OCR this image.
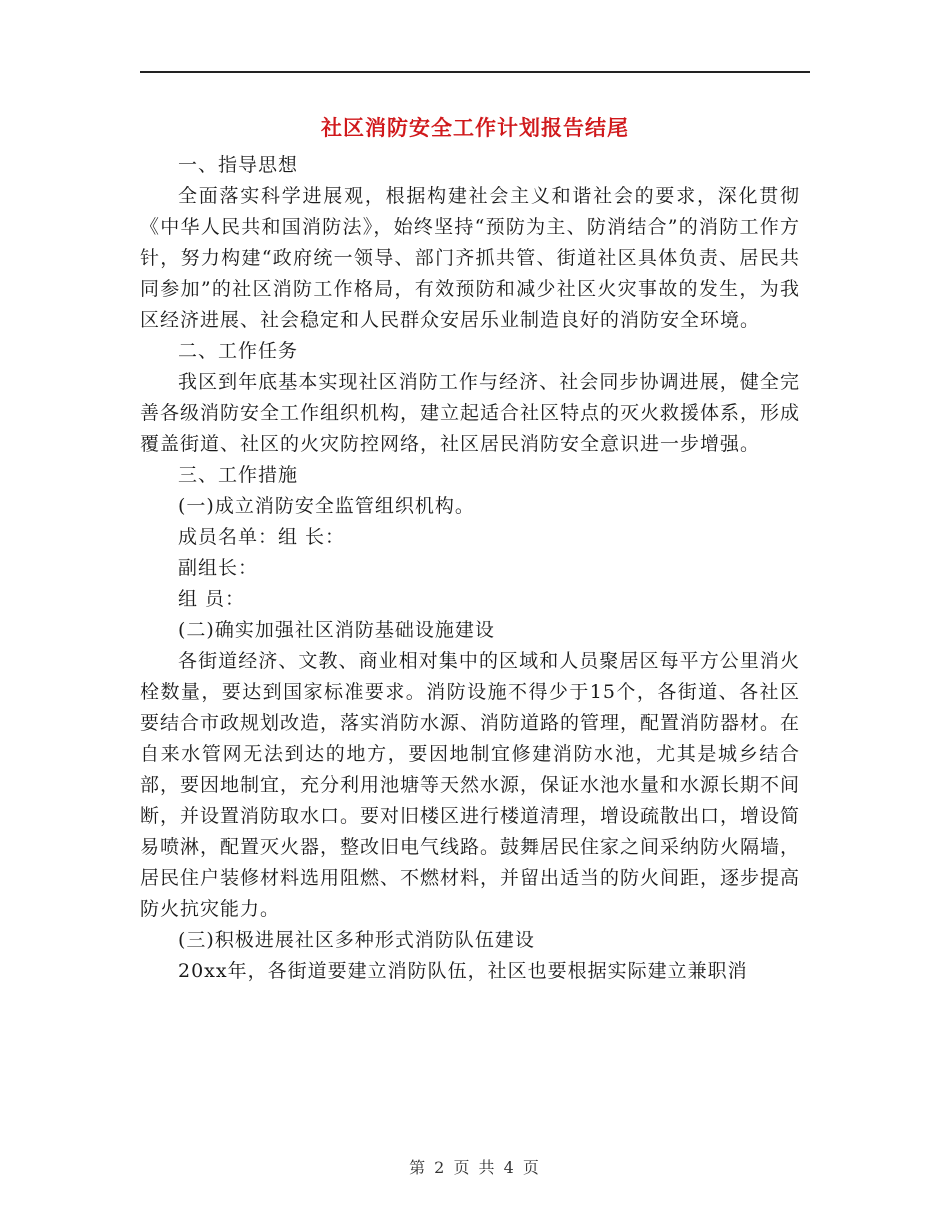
社区消防安全工作计划报告结尾

一、指导思想

全面落实科学进展观，根据构建社会主义和谐社会的要求，深化贯彻《中华人民共和国消防法》，始终坚持“预防为主、防消结合”的消防工作方针，努力构建“政府统一领导、部门齐抓共管、街道社区具体负责、居民共同参加”的社区消防工作格局，有效预防和减少社区火灾事故的发生，为我区经济进展、社会稳定和人民群众安居乐业制造良好的消防安全环境。

二、工作任务

我区到年底基本实现社区消防工作与经济、社会同步协调进展，健全完善各级消防安全工作组织机构，建立起适合社区特点的灭火救援体系，形成覆盖街道、社区的火灾防控网络，社区居民消防安全意识进一步增强。

三、工作措施

(一)成立消防安全监管组织机构。

成员名单：组 长：

副组长：

组 员：

(二)确实加强社区消防基础设施建设

各街道经济、文教、商业相对集中的区域和人员聚居区每平方公里消火栓数量，要达到国家标准要求。消防设施不得少于15个，各街道、各社区要结合市政规划改造，落实消防水源、消防道路的管理，配置消防器材。在自来水管网无法到达的地方，要因地制宜修建消防水池，尤其是城乡结合部，要因地制宜，充分利用池塘等天然水源，保证水池水量和水源长期不间断，并设置消防取水口。要对旧楼区进行楼道清理，增设疏散出口，增设简易喷淋，配置灭火器，整改旧电气线路。鼓舞居民住家之间采纳防火隔墙，居民住户装修材料选用阻燃、不燃材料，并留出适当的防火间距，逐步提高防火抗灾能力。

(三)积极进展社区多种形式消防队伍建设

20xx年，各街道要建立消防队伍，社区也要根据实际建立兼职消

第 2 页 共 4 页
